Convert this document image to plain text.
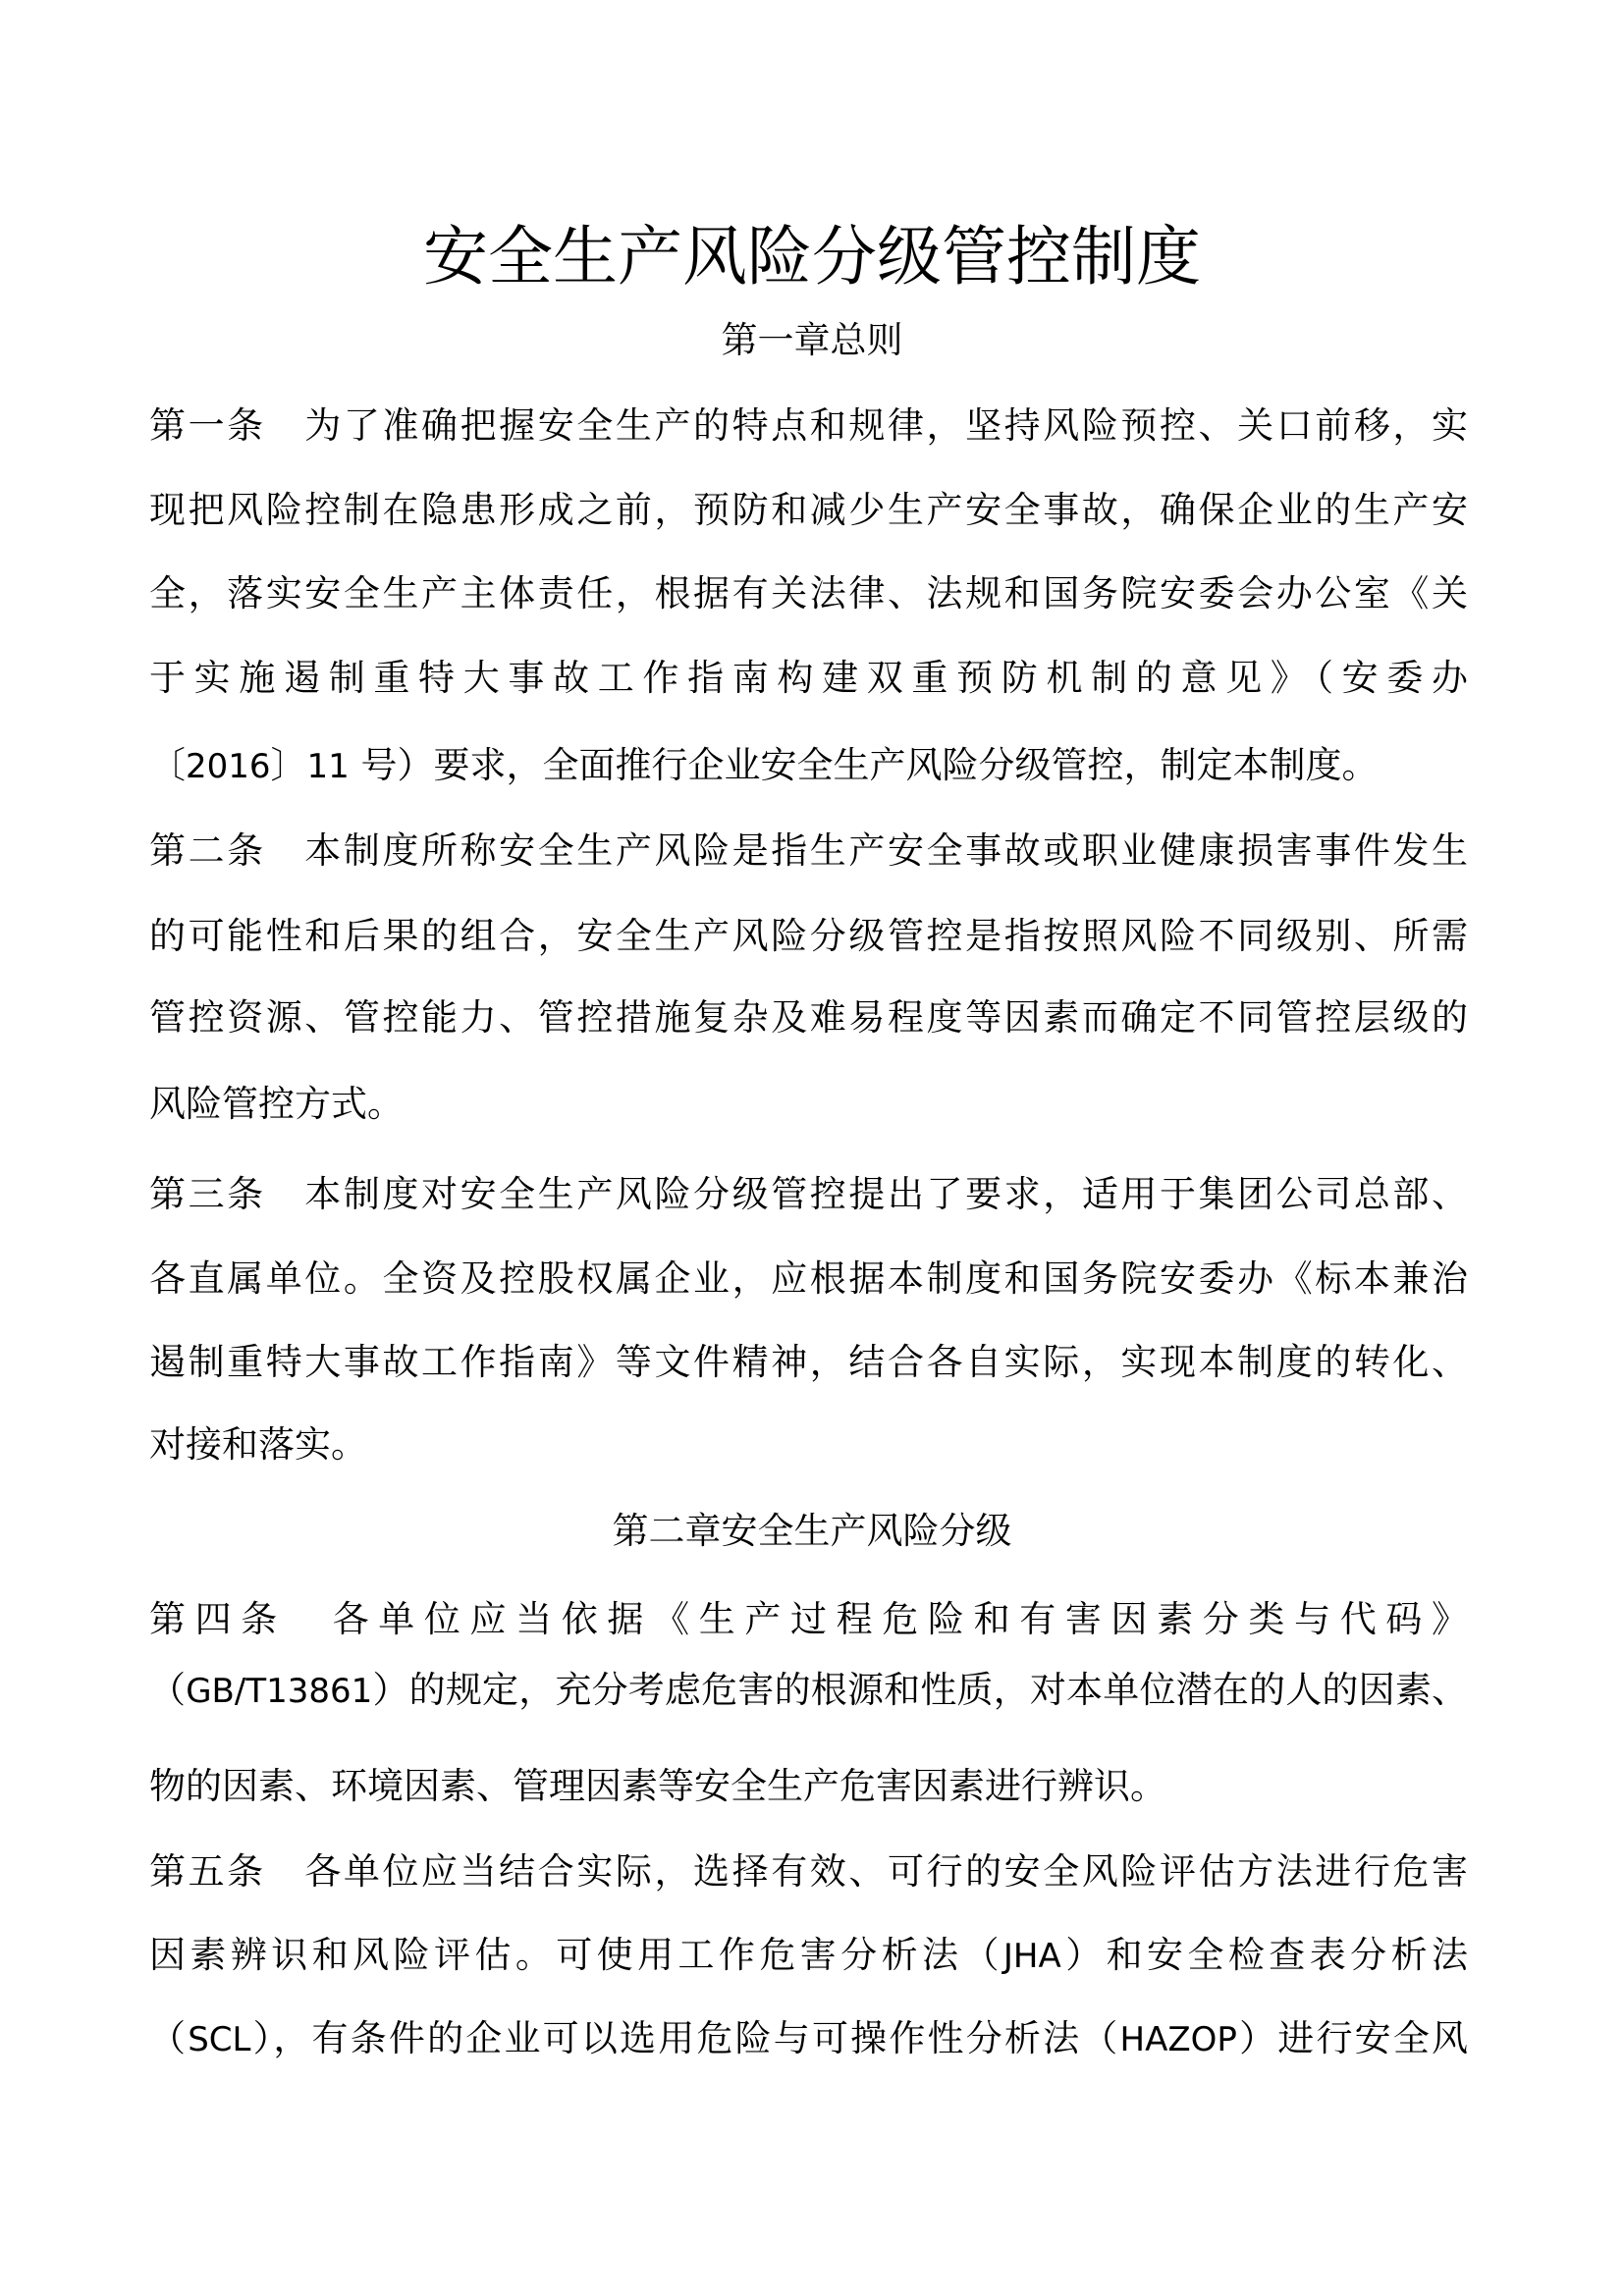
安全生产风险分级管控制度
第一章总则
第一条　为了准确把握安全生产的特点和规律，坚持风险预控、关口前移，实
现把风险控制在隐患形成之前，预防和减少生产安全事故，确保企业的生产安
全，落实安全生产主体责任，根据有关法律、法规和国务院安委会办公室《关
于实施遏制重特大事故工作指南构建双重预防机制的意见》（安委办
〔2016〕11 号）要求，全面推行企业安全生产风险分级管控，制定本制度。
第二条　本制度所称安全生产风险是指生产安全事故或职业健康损害事件发生
的可能性和后果的组合，安全生产风险分级管控是指按照风险不同级别、所需
管控资源、管控能力、管控措施复杂及难易程度等因素而确定不同管控层级的
风险管控方式。
第三条　本制度对安全生产风险分级管控提出了要求，适用于集团公司总部、
各直属单位。全资及控股权属企业，应根据本制度和国务院安委办《标本兼治
遏制重特大事故工作指南》等文件精神，结合各自实际，实现本制度的转化、
对接和落实。
第二章安全生产风险分级
第四条　各单位应当依据《生产过程危险和有害因素分类与代码》
（GB/T13861）的规定，充分考虑危害的根源和性质，对本单位潜在的人的因素、
物的因素、环境因素、管理因素等安全生产危害因素进行辨识。
第五条　各单位应当结合实际，选择有效、可行的安全风险评估方法进行危害
因素辨识和风险评估。可使用工作危害分析法（JHA）和安全检查表分析法
（SCL），有条件的企业可以选用危险与可操作性分析法（HAZOP）进行安全风
